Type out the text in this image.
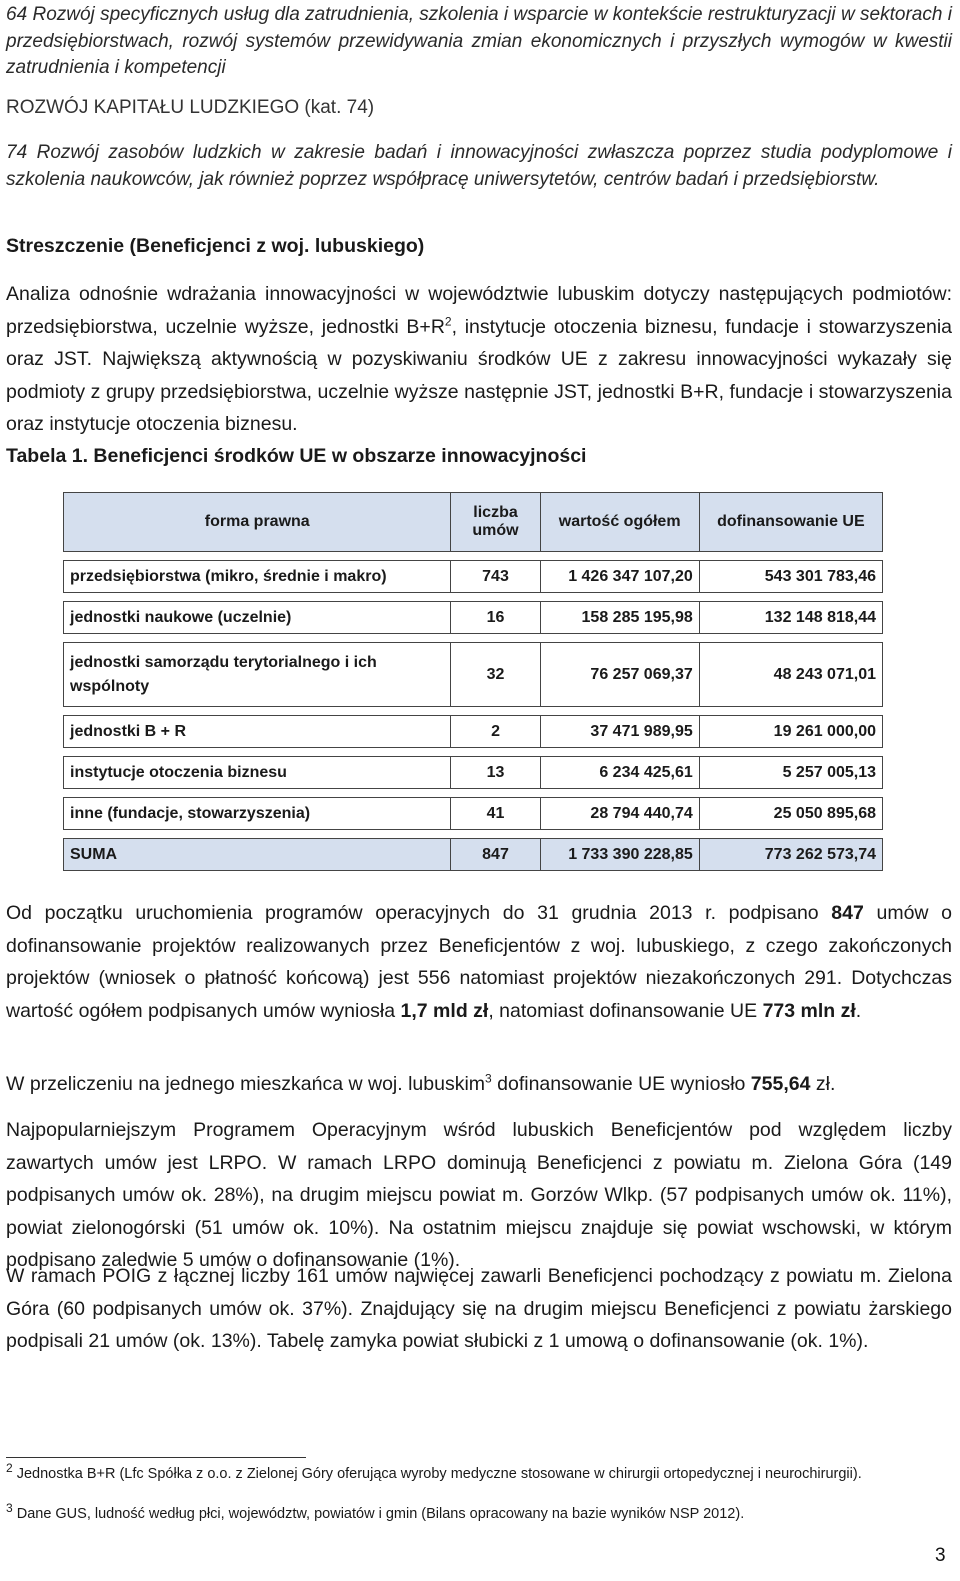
64 Rozwój specyficznych usług dla zatrudnienia, szkolenia i wsparcie w kontekście restrukturyzacji w sektorach i przedsiębiorstwach, rozwój systemów przewidywania zmian ekonomicznych i przyszłych wymogów w kwestii zatrudnienia i kompetencji

ROZWÓJ KAPITAŁU LUDZKIEGO (kat. 74)

74 Rozwój zasobów ludzkich w zakresie badań i innowacyjności zwłaszcza poprzez studia podyplomowe i szkolenia naukowców, jak również poprzez współpracę uniwersytetów, centrów badań i przedsiębiorstw.

Streszczenie (Beneficjenci z woj. lubuskiego)

Analiza odnośnie wdrażania innowacyjności w województwie lubuskim dotyczy następujących podmiotów: przedsiębiorstwa, uczelnie wyższe, jednostki $B+R^2$, instytucje otoczenia biznesu, fundacje i stowarzyszenia oraz JST. Największą aktywnością w pozyskiwaniu środków UE z zakresu innowacyjności wykazały się podmioty z grupy przedsiębiorstwa, uczelnie wyższe następnie JST, jednostki B+R, fundacje i stowarzyszenia oraz instytucje otoczenia biznesu.

Tabela 1. Beneficjenci środków UE w obszarze innowacyjności

forma prawna	liczba umów	wartość ogółem	dofinansowanie UE

przedsiębiorstwa (mikro, średnie i makro)	743	1 426 347 107,20	543 301 783,46

jednostki naukowe (uczelnie)	16	158 285 195,98	132 148 818,44

jednostki samorządu terytorialnego i ich wspólnoty	32	76 257 069,37	48 243 071,01

jednostki B + R	2	37 471 989,95	19 261 000,00

instytucje otoczenia biznesu	13	6 234 425,61	5 257 005,13

inne (fundacje, stowarzyszenia)	41	28 794 440,74	25 050 895,68

SUMA	847	1 733 390 228,85	773 262 573,74

Od początku uruchomienia programów operacyjnych do 31 grudnia 2013 r. podpisano 847 umów o dofinansowanie projektów realizowanych przez Beneficjentów z woj. lubuskiego, z czego zakończonych projektów (wniosek o płatność końcową) jest 556 natomiast projektów niezakończonych 291. Dotychczas wartość ogółem podpisanych umów wyniosła 1,7 mld zł, natomiast dofinansowanie UE 773 mln zł.

W przeliczeniu na jednego mieszkańca w woj. lubuskim$^3$ dofinansowanie UE wyniosło 755,64 zł.

Najpopularniejszym Programem Operacyjnym wśród lubuskich Beneficjentów pod względem liczby zawartych umów jest LRPO. W ramach LRPO dominują Beneficjenci z powiatu m. Zielona Góra (149 podpisanych umów ok. 28%), na drugim miejscu powiat m. Gorzów Wlkp. (57 podpisanych umów ok. 11%), powiat zielonogórski (51 umów ok. 10%). Na ostatnim miejscu znajduje się powiat wschowski, w którym podpisano zaledwie 5 umów o dofinansowanie (1%).

W ramach POIG z łącznej liczby 161 umów najwięcej zawarli Beneficjenci pochodzący z powiatu m. Zielona Góra (60 podpisanych umów ok. 37%). Znajdujący się na drugim miejscu Beneficjenci z powiatu żarskiego podpisali 21 umów (ok. 13%). Tabelę zamyka powiat słubicki z 1 umową o dofinansowanie (ok. 1%).

$^2$ Jednostka B+R (Lfc Spółka z o.o. z Zielonej Góry oferująca wyroby medyczne stosowane w chirurgii ortopedycznej i neurochirurgii).

$^3$ Dane GUS, ludność według płci, województw, powiatów i gmin (Bilans opracowany na bazie wyników NSP 2012).

3
